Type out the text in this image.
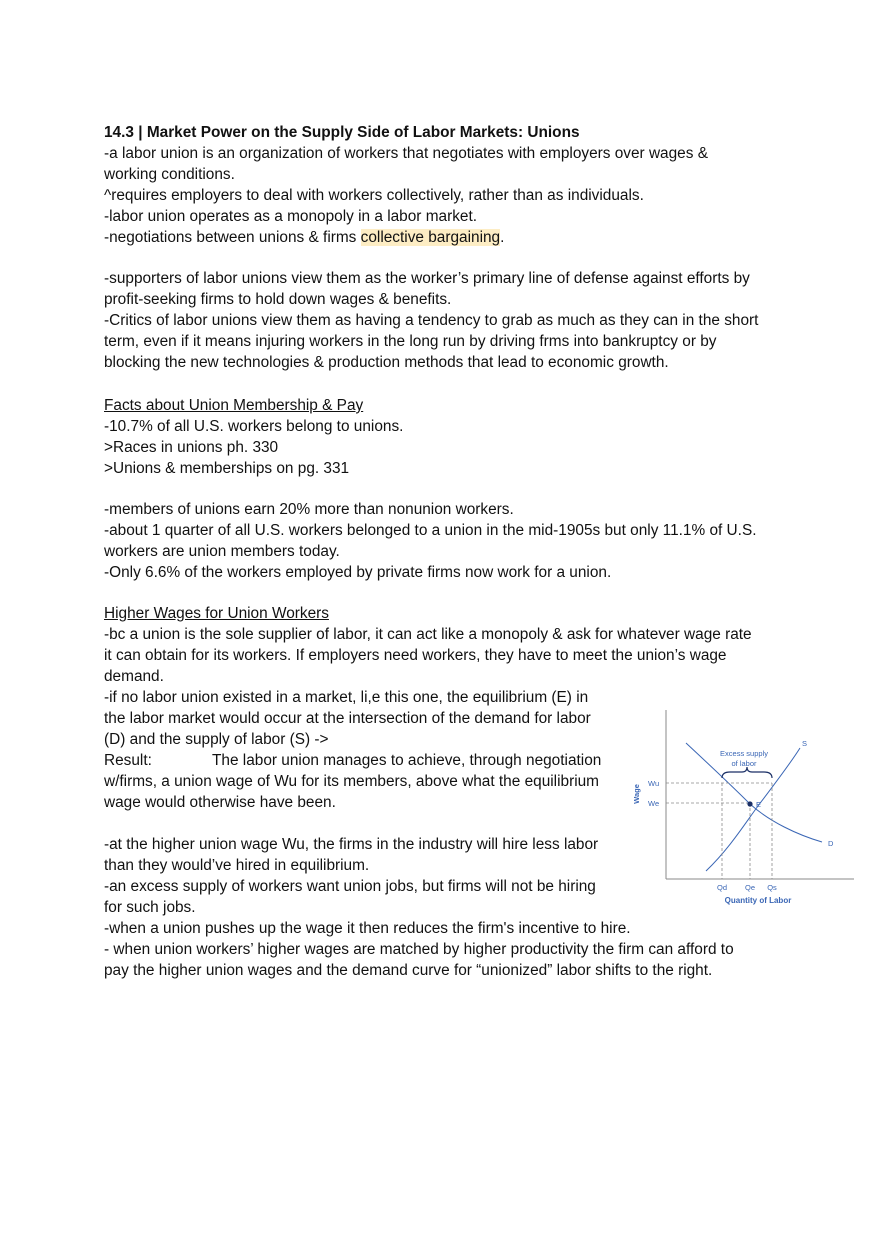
14.3 | Market Power on the Supply Side of Labor Markets: Unions
-a labor union is an organization of workers that negotiates with employers over wages &
working conditions.
^requires employers to deal with workers collectively, rather than as individuals.
-labor union operates as a monopoly in a labor market.
-negotiations between unions & firms collective bargaining.
-supporters of labor unions view them as the worker’s primary line of defense against efforts by
profit-seeking firms to hold down wages & benefits.
-Critics of labor unions view them as having a tendency to grab as much as they can in the short
term, even if it means injuring workers in the long run by driving frms into bankruptcy or by
blocking the new technologies & production methods that lead to economic growth.
Facts about Union Membership & Pay
-10.7% of all U.S. workers belong to unions.
>Races in unions ph. 330
>Unions & memberships on pg. 331
-members of unions earn 20% more than nonunion workers.
-about 1 quarter of all U.S. workers belonged to a union in the mid-1905s but only 11.1% of U.S.
workers are union members today.
-Only 6.6% of the workers employed by private firms now work for a union.
Higher Wages for Union Workers
-bc a union is the sole supplier of labor, it can act like a monopoly & ask for whatever wage rate
it can obtain for its workers. If employers need workers, they have to meet the union’s wage
demand.
-if no labor union existed in a market, li,e this one, the equilibrium (E) in
the labor market would occur at the intersection of the demand for labor
(D) and the supply of labor (S) ->
Result:	The labor union manages to achieve, through negotiation
w/firms, a union wage of Wu for its members, above what the equilibrium
wage would otherwise have been.
-at the higher union wage Wu, the firms in the industry will hire less labor
than they would’ve hired in equilibrium.
-an excess supply of workers want union jobs, but firms will not be hiring
for such jobs.
-when a union pushes up the wage it then reduces the firm's incentive to hire.
- when union workers’ higher wages are matched by higher productivity the firm can afford to
pay the higher union wages and the demand curve for “unionized” labor shifts to the right.
Excess supply
of labor
Wu
We	E
S
D
Qd Qe Qs
Quantity of Labor
Wage
